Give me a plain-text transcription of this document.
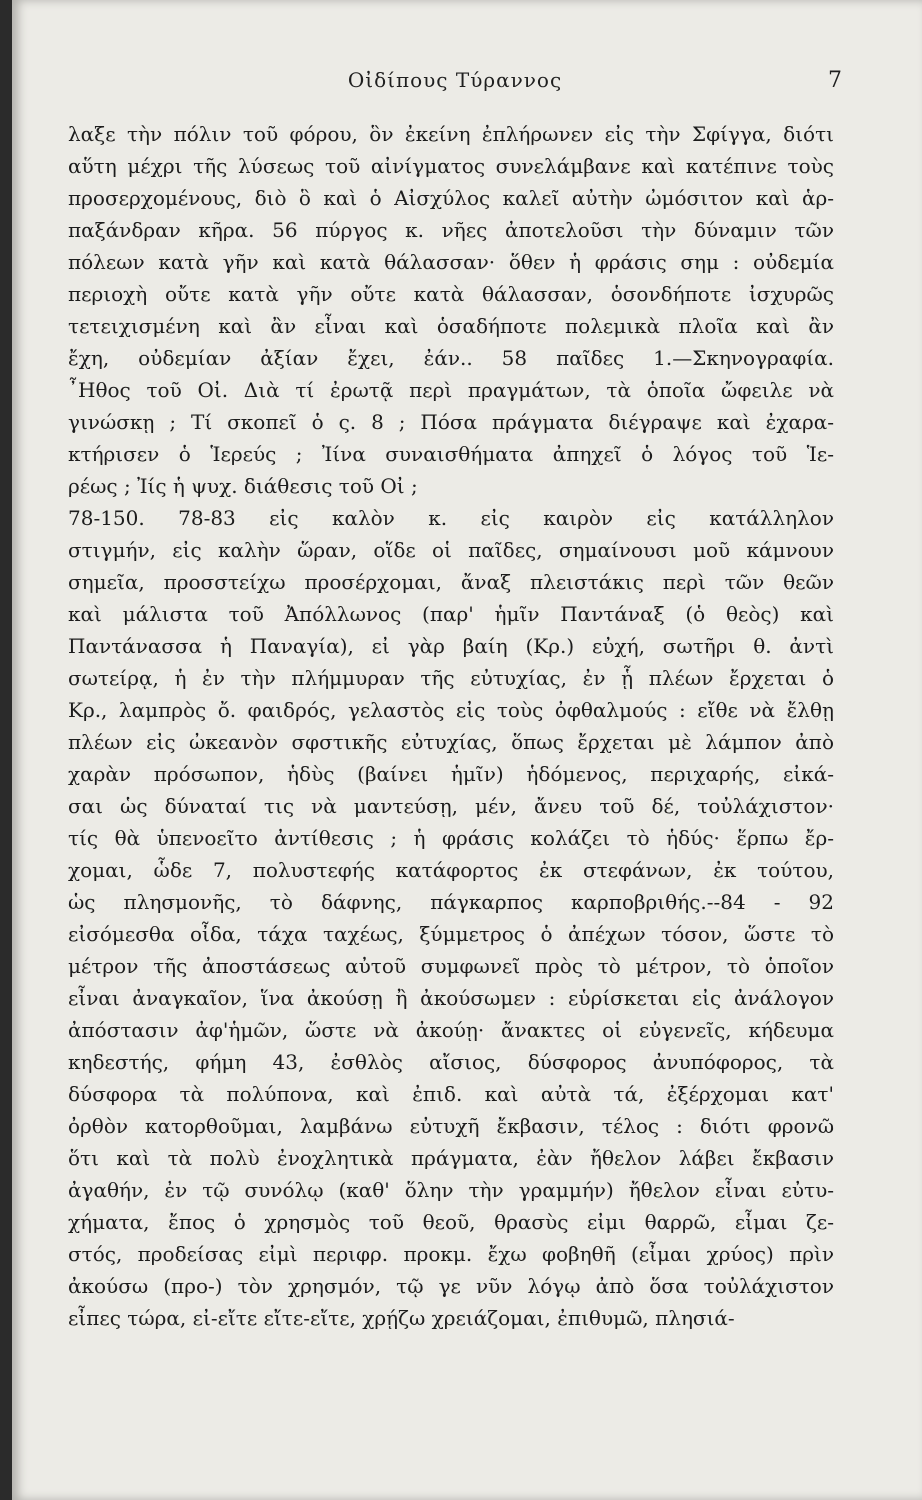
Οἰδίπους Τύραννος	7
λαξε τὴν πόλιν τοῦ φόρου, ὃν ἐκείνη ἐπλήρωνεν εἰς τὴν Σφίγγα, διότι
αὕτη μέχρι τῆς λύσεως τοῦ αἰνίγματος συνελάμβανε καὶ κατέπινε τοὺς
προσερχομένους, διὸ ὃ καὶ ὁ Αἰσχύλος καλεῖ αὐτὴν ὠμόσιτον καὶ ἁρ-
παξάνδραν κῆρα. 56 πύργος κ. νῆες ἀποτελοῦσι τὴν δύναμιν τῶν
πόλεων κατὰ γῆν καὶ κατὰ θάλασσαν· ὅθεν ἡ φράσις σημ : οὐδεμία
περιοχὴ οὔτε κατὰ γῆν οὔτε κατὰ θάλασσαν, ὁσονδήποτε ἰσχυρῶς
τετειχισμένη καὶ ἂν εἶναι καὶ ὁσαδήποτε πολεμικὰ πλοῖα καὶ ἂν
ἔχη, οὐδεμίαν ἀξίαν ἔχει, ἐάν.. 58 παῖδες 1.—Σκηνογραφία.
῏Ηθος τοῦ Οἰ. Διὰ τί ἐρωτᾷ περὶ πραγμάτων, τὰ ὁποῖα ὤφειλε νὰ
γινώσκῃ ; Τί σκοπεῖ ὁ ς. 8 ; Πόσα πράγματα διέγραψε καὶ ἐχαρα-
κτήρισεν ὁ Ἱερεύς ; Ἰίνα συναισθήματα ἀπηχεῖ ὁ λόγος τοῦ Ἱε-
ρέως ; Ἰίς ἡ ψυχ. διάθεσις τοῦ Οἰ ;
78-150. 78-83 εἰς καλὸν κ. εἰς καιρὸν εἰς κατάλληλον
στιγμήν, εἰς καλὴν ὥραν, οἵδε οἱ παῖδες, σημαίνουσι μοῦ κάμνουν
σημεῖα, προσστείχω προσέρχομαι, ἄναξ πλειστάκις περὶ τῶν θεῶν
καὶ μάλιστα τοῦ Ἀπόλλωνος (παρ' ἡμῖν Παντάναξ (ὁ θεὸς) καὶ
Παντάνασσα ἡ Παναγία), εἰ γὰρ βαίη (Κρ.) εὐχή, σωτῆρι θ. ἀντὶ
σωτείρᾳ, ἡ ἐν τὴν πλήμμυραν τῆς εὐτυχίας, ἐν ᾗ πλέων ἔρχεται ὁ
Κρ., λαμπρὸς ὄ. φαιδρός, γελαστὸς εἰς τοὺς ὀφθαλμούς : εἴθε νὰ ἔλθῃ
πλέων εἰς ὠκεανὸν σφστικῆς εὐτυχίας, ὅπως ἔρχεται μὲ λάμπον ἀπὸ
χαρὰν πρόσωπον, ἡδὺς (βαίνει ἡμῖν) ἡδόμενος, περιχαρής, εἰκά-
σαι ὡς δύναταί τις νὰ μαντεύσῃ, μέν, ἄνευ τοῦ δέ, τοὐλάχιστον·
τίς θὰ ὑπενοεῖτο ἀντίθεσις ; ἡ φράσις κολάζει τὸ ἡδύς· ἕρπω ἔρ-
χομαι, ὧδε 7, πολυστεφής κατάφορτος ἐκ στεφάνων, ἐκ τούτου,
ὡς πλησμονῆς, τὸ δάφνης, πάγκαρπος καρποβριθής.--84 - 92
εἰσόμεσθα οἶδα, τάχα ταχέως, ξύμμετρος ὁ ἀπέχων τόσον, ὥστε τὸ
μέτρον τῆς ἀποστάσεως αὐτοῦ συμφωνεῖ πρὸς τὸ μέτρον, τὸ ὁποῖον
εἶναι ἀναγκαῖον, ἵνα ἀκούσῃ ἢ ἀκούσωμεν : εὑρίσκεται εἰς ἀνάλογον
ἀπόστασιν ἀφ'ἡμῶν, ὥστε νὰ ἀκούῃ· ἄνακτες οἱ εὐγενεῖς, κήδευμα
κηδεστής, φήμη 43, ἐσθλὸς αἴσιος, δύσφορος ἀνυπόφορος, τὰ
δύσφορα τὰ πολύπονα, καὶ ἐπιδ. καὶ αὐτὰ τά, ἐξέρχομαι κατ'
ὀρθὸν κατορθοῦμαι, λαμβάνω εὐτυχῆ ἔκβασιν, τέλος : διότι φρονῶ
ὅτι καὶ τὰ πολὺ ἐνοχλητικὰ πράγματα, ἐὰν ἤθελον λάβει ἔκβασιν
ἀγαθήν, ἐν τῷ συνόλῳ (καθ' ὅλην τὴν γραμμήν) ἤθελον εἶναι εὐτυ-
χήματα, ἔπος ὁ χρησμὸς τοῦ θεοῦ, θρασὺς εἰμι θαρρῶ, εἶμαι ζε-
στός, προδείσας εἰμὶ περιφρ. προκμ. ἔχω φοβηθῆ (εἶμαι χρύος) πρὶν
ἀκούσω (προ-) τὸν χρησμόν, τῷ γε νῦν λόγῳ ἀπὸ ὅσα τοὐλάχιστον
εἶπες τώρα, εἰ-εἴτε εἴτε-εἴτε, χρῄζω χρειάζομαι, ἐπιθυμῶ, πλησιά-
